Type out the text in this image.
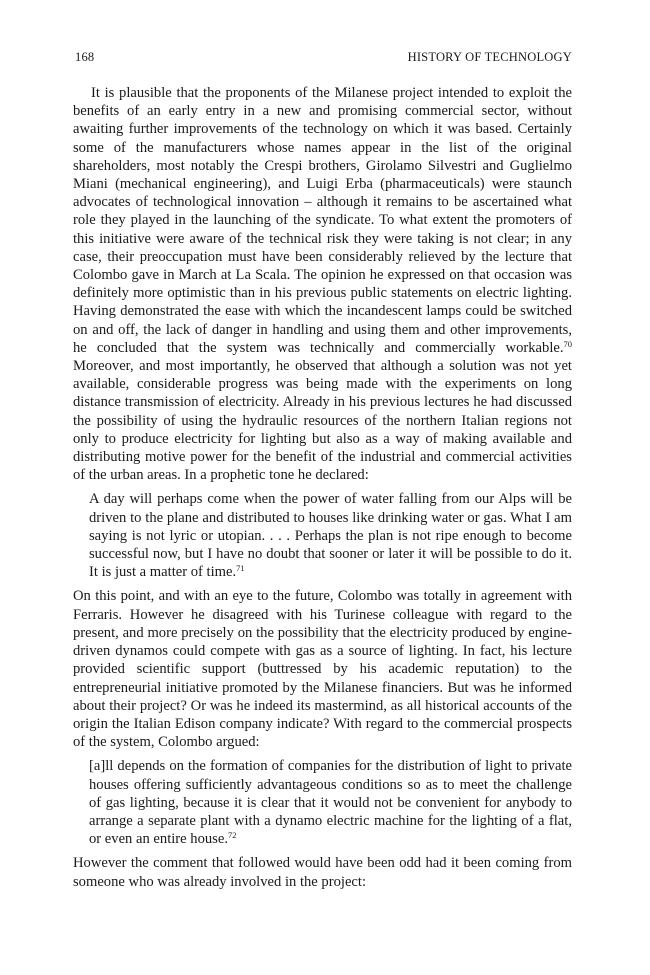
168	HISTORY OF TECHNOLOGY

It is plausible that the proponents of the Milanese project intended to exploit the benefits of an early entry in a new and promising commercial sector, without awaiting further improvements of the technology on which it was based. Certainly some of the manufacturers whose names appear in the list of the original shareholders, most notably the Crespi brothers, Girolamo Silvestri and Guglielmo Miani (mechanical engineering), and Luigi Erba (pharmaceuticals) were staunch advocates of technological innovation – although it remains to be ascertained what role they played in the launching of the syndicate. To what extent the promoters of this initiative were aware of the technical risk they were taking is not clear; in any case, their preoccupation must have been considerably relieved by the lecture that Colombo gave in March at La Scala. The opinion he expressed on that occasion was definitely more optimistic than in his previous public statements on electric lighting. Having demonstrated the ease with which the incandescent lamps could be switched on and off, the lack of danger in handling and using them and other improvements, he concluded that the system was technically and commercially workable.$^{70}$ Moreover, and most importantly, he observed that although a solution was not yet available, considerable progress was being made with the experiments on long distance transmission of electricity. Already in his previous lectures he had discussed the possibility of using the hydraulic resources of the northern Italian regions not only to produce electricity for lighting but also as a way of making available and distributing motive power for the benefit of the industrial and commercial activities of the urban areas. In a prophetic tone he declared:

A day will perhaps come when the power of water falling from our Alps will be driven to the plane and distributed to houses like drinking water or gas. What I am saying is not lyric or utopian. . . . Perhaps the plan is not ripe enough to become successful now, but I have no doubt that sooner or later it will be possible to do it. It is just a matter of time.$^{71}$

On this point, and with an eye to the future, Colombo was totally in agreement with Ferraris. However he disagreed with his Turinese colleague with regard to the present, and more precisely on the possibility that the electricity produced by engine-driven dynamos could compete with gas as a source of lighting. In fact, his lecture provided scientific support (buttressed by his academic reputation) to the entrepreneurial initiative promoted by the Milanese financiers. But was he informed about their project? Or was he indeed its mastermind, as all historical accounts of the origin the Italian Edison company indicate? With regard to the commercial prospects of the system, Colombo argued:

[a]ll depends on the formation of companies for the distribution of light to private houses offering sufficiently advantageous conditions so as to meet the challenge of gas lighting, because it is clear that it would not be convenient for anybody to arrange a separate plant with a dynamo electric machine for the lighting of a flat, or even an entire house.$^{72}$

However the comment that followed would have been odd had it been coming from someone who was already involved in the project:
